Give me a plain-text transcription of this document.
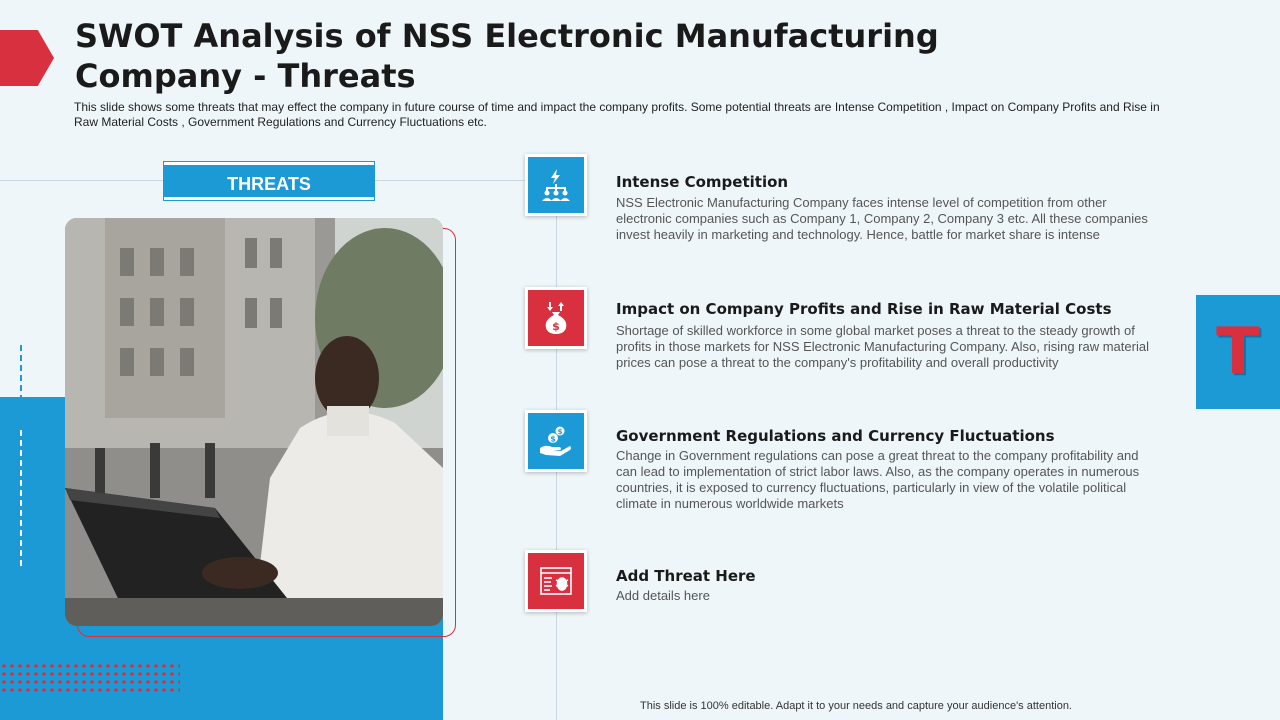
SWOT Analysis of NSS Electronic Manufacturing Company - Threats
This slide shows some threats that may effect the company in future course of time and impact the company profits. Some potential threats are Intense Competition , Impact on Company Profits and Rise in Raw Material Costs , Government Regulations and Currency Fluctuations etc.
THREATS	Intense Competition
NSS Electronic Manufacturing Company faces intense level of competition from other electronic companies such as Company 1, Company 2, Company 3 etc. All these companies invest heavily in marketing and technology. Hence, battle for market share is intense
$
Impact on Company Profits and Rise in Raw Material Costs
Shortage of skilled workforce in some global market poses a threat to the steady growth of profits in those markets for NSS Electronic Manufacturing Company. Also, rising raw material prices can pose a threat to the company's profitability and overall productivity
$
$	Government Regulations and Currency Fluctuations
Change in Government regulations can pose a great threat to the company profitability and can lead to implementation of strict labor laws. Also, as the company operates in numerous countries, it is exposed to currency fluctuations, particularly in view of the volatile political climate in numerous worldwide markets
Add Threat Here
Add details here
T
This slide is 100% editable. Adapt it to your needs and capture your audience's attention.
